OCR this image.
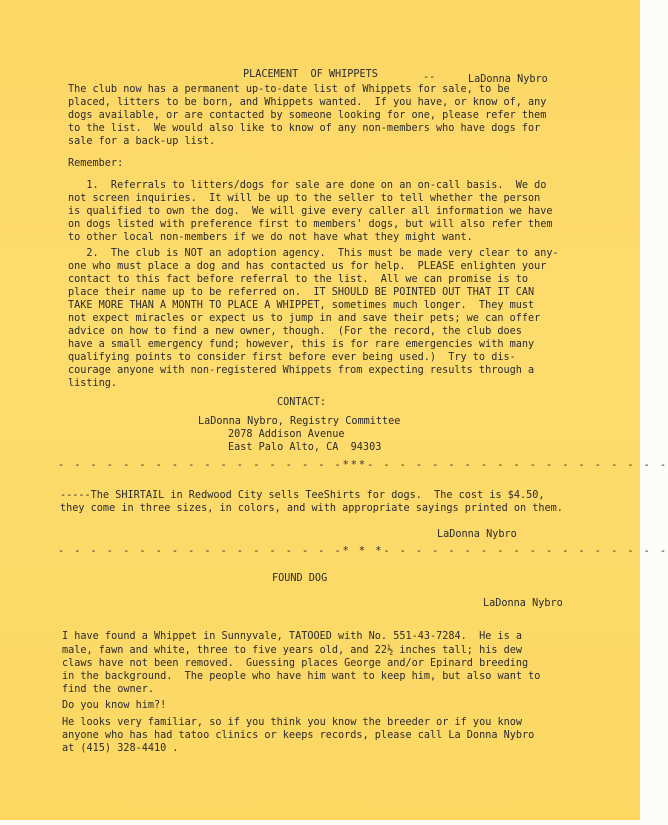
PLACEMENT  OF WHIPPETS	--	LaDonna Nybro
The club now has a permanent up-to-date list of Whippets for sale, to be
placed, litters to be born, and Whippets wanted.  If you have, or know of, any
dogs available, or are contacted by someone looking for one, please refer them
to the list.  We would also like to know of any non-members who have dogs for
sale for a back-up list.
Remember:
1.  Referrals to litters/dogs for sale are done on an on-call basis.  We do
not screen inquiries.  It will be up to the seller to tell whether the person
is qualified to own the dog.  We will give every caller all information we have
on dogs listed with preference first to members' dogs, but will also refer them
to other local non-members if we do not have what they might want.
2.  The club is NOT an adoption agency.  This must be made very clear to any-
one who must place a dog and has contacted us for help.  PLEASE enlighten your
contact to this fact before referral to the list.  All we can promise is to
place their name up to be referred on.  IT SHOULD BE POINTED OUT THAT IT CAN
TAKE MORE THAN A MONTH TO PLACE A WHIPPET, sometimes much longer.  They must
not expect miracles or expect us to jump in and save their pets; we can offer
advice on how to find a new owner, though.  (For the record, the club does
have a small emergency fund; however, this is for rare emergencies with many
qualifying points to consider first before ever being used.)  Try to dis-
courage anyone with non-registered Whippets from expecting results through a
listing.
CONTACT:
LaDonna Nybro, Registry Committee
2078 Addison Avenue
East Palo Alto, CA  94303
- - - - - - - - - - - - - - - - - -***- - - - - - - - - - - - - - - - - - -
-----The SHIRTAIL in Redwood City sells TeeShirts for dogs.  The cost is $4.50,
they come in three sizes, in colors, and with appropriate sayings printed on them.
LaDonna Nybro
- - - - - - - - - - - - - - - - - -* * *- - - - - - - - - - - - - - - - - -
FOUND DOG
LaDonna Nybro
I have found a Whippet in Sunnyvale, TATOOED with No. 551-43-7284.  He is a
male, fawn and white, three to five years old, and 22½ inches tall; his dew
claws have not been removed.  Guessing places George and/or Epinard breeding
in the background.  The people who have him want to keep him, but also want to
find the owner.
Do you know him?!
He looks very familiar, so if you think you know the breeder or if you know
anyone who has had tatoo clinics or keeps records, please call La Donna Nybro
at (415) 328-4410 .
